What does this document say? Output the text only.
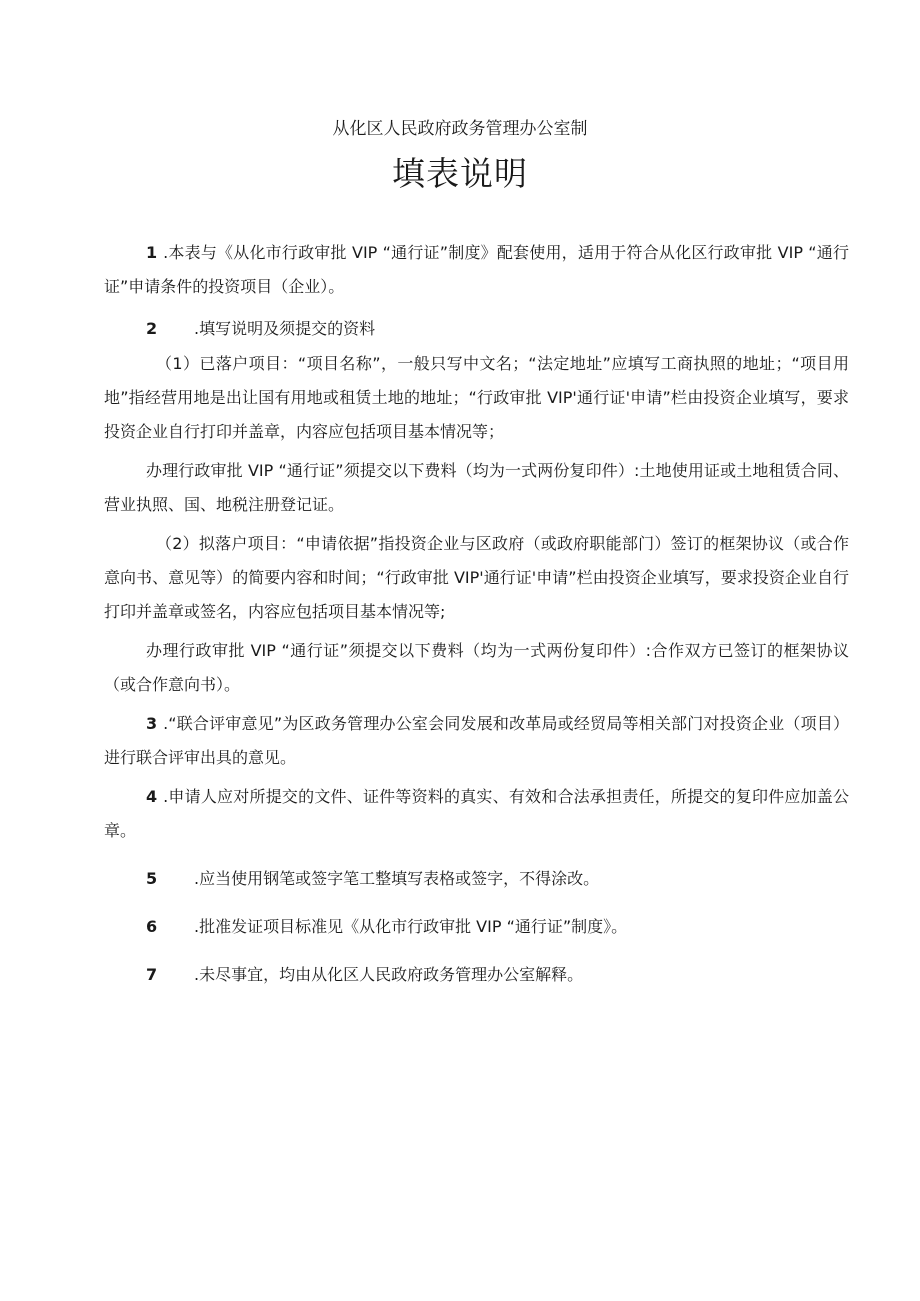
从化区人民政府政务管理办公室制
填表说明

1 .本表与《从化市行政审批 VIP “通行证”制度》配套使用，适用于符合从化区行政审批 VIP “通行证”申请条件的投资项目（企业）。

2 .填写说明及须提交的资料

（1）已落户项目：“项目名称”，一般只写中文名；“法定地址”应填写工商执照的地址；“项目用地”指经营用地是出让国有用地或租赁土地的地址；“行政审批 VIP'通行证'申请”栏由投资企业填写，要求投资企业自行打印并盖章，内容应包括项目基本情况等；

办理行政审批 VIP “通行证”须提交以下费料（均为一式两份复印件）:土地使用证或土地租赁合同、营业执照、国、地税注册登记证。

（2）拟落户项目：“申请依据”指投资企业与区政府（或政府职能部门）签订的框架协议（或合作意向书、意见等）的简要内容和时间；“行政审批 VIP'通行证'申请”栏由投资企业填写，要求投资企业自行打印并盖章或签名，内容应包括项目基本情况等;

办理行政审批 VIP “通行证”须提交以下费料（均为一式两份复印件）:合作双方已签订的框架协议（或合作意向书）。

3 .“联合评审意见”为区政务管理办公室会同发展和改革局或经贸局等相关部门对投资企业（项目）进行联合评审出具的意见。

4 .申请人应对所提交的文件、证件等资料的真实、有效和合法承担责任，所提交的复印件应加盖公章。

5 .应当使用钢笔或签字笔工整填写表格或签字，不得涂改。

6 .批准发证项目标准见《从化市行政审批 VIP “通行证”制度》。

7 .未尽事宜，均由从化区人民政府政务管理办公室解释。
